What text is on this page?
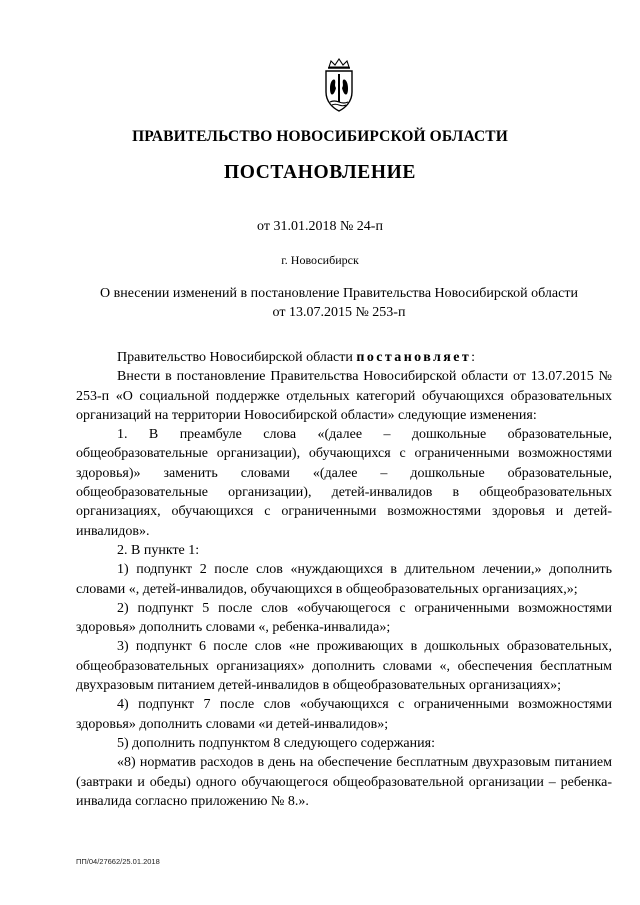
ПРАВИТЕЛЬСТВО НОВОСИБИРСКОЙ ОБЛАСТИ
ПОСТАНОВЛЕНИЕ
от 31.01.2018 № 24-п
г. Новосибирск
О внесении изменений в постановление Правительства Новосибирской области
от 13.07.2015 № 253-п

Правительство Новосибирской области постановляет:

Внести в постановление Правительства Новосибирской области от 13.07.2015 № 253-п «О социальной поддержке отдельных категорий обучающихся образовательных организаций на территории Новосибирской области» следующие изменения:

1. В преамбуле слова «(далее – дошкольные образовательные, общеобразовательные организации), обучающихся с ограниченными возможностями здоровья)» заменить словами «(далее – дошкольные образовательные, общеобразовательные организации), детей-инвалидов в общеобразовательных организациях, обучающихся с ограниченными возможностями здоровья и детей-инвалидов».

2. В пункте 1:

1) подпункт 2 после слов «нуждающихся в длительном лечении,» дополнить словами «, детей-инвалидов, обучающихся в общеобразовательных организациях,»;

2) подпункт 5 после слов «обучающегося с ограниченными возможностями здоровья» дополнить словами «, ребенка-инвалида»;

3) подпункт 6 после слов «не проживающих в дошкольных образовательных, общеобразовательных организациях» дополнить словами «, обеспечения бесплатным двухразовым питанием детей-инвалидов в общеобразовательных организациях»;

4) подпункт 7 после слов «обучающихся с ограниченными возможностями здоровья» дополнить словами «и детей-инвалидов»;

5) дополнить подпунктом 8 следующего содержания:

«8) норматив расходов в день на обеспечение бесплатным двухразовым питанием (завтраки и обеды) одного обучающегося общеобразовательной организации – ребенка-инвалида согласно приложению № 8.».

ПП/04/27662/25.01.2018
